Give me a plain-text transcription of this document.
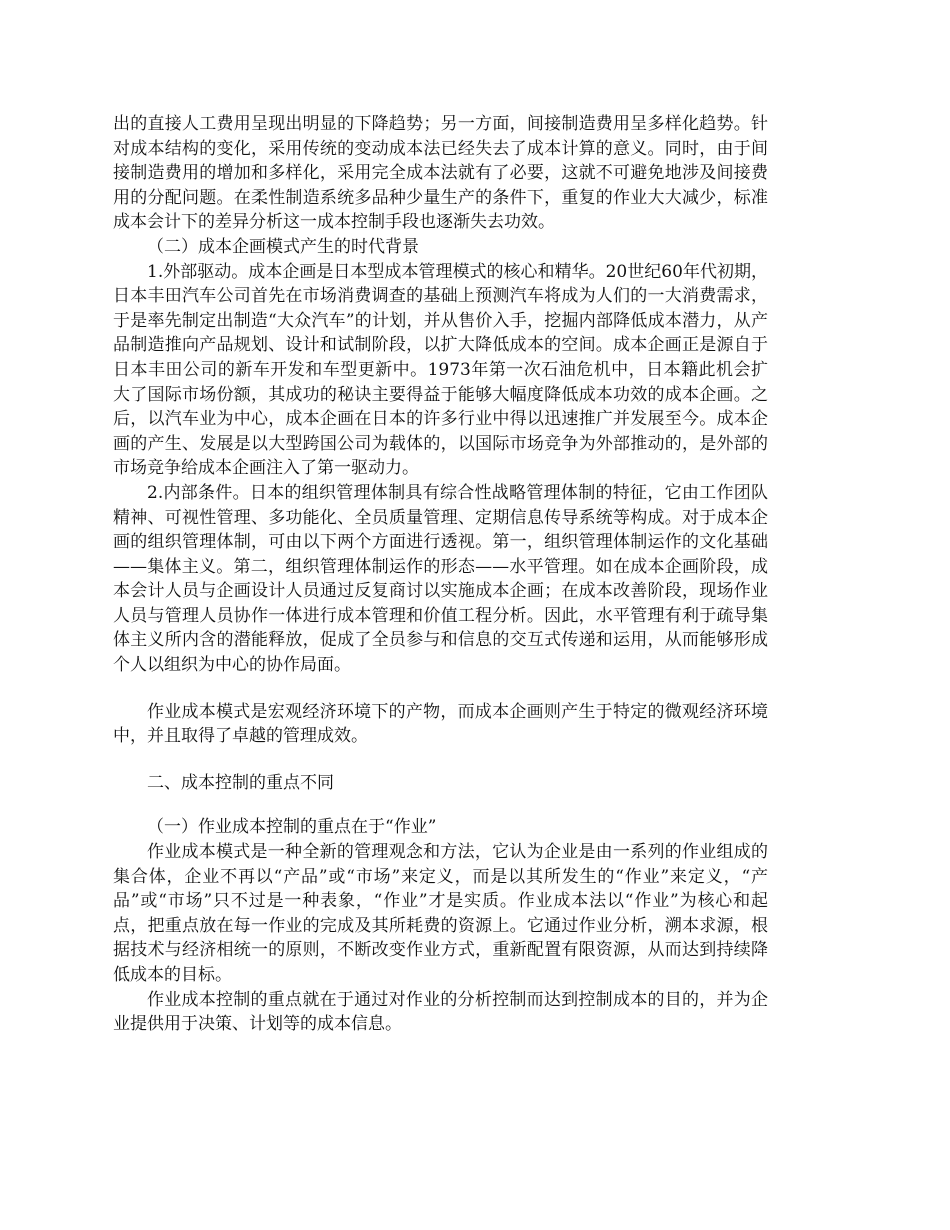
出的直接人工费用呈现出明显的下降趋势；另一方面，间接制造费用呈多样化趋势。针对成本结构的变化，采用传统的变动成本法已经失去了成本计算的意义。同时，由于间接制造费用的增加和多样化，采用完全成本法就有了必要，这就不可避免地涉及间接费用的分配问题。在柔性制造系统多品种少量生产的条件下，重复的作业大大减少，标准成本会计下的差异分析这一成本控制手段也逐渐失去功效。

（二）成本企画模式产生的时代背景

1.外部驱动。成本企画是日本型成本管理模式的核心和精华。20世纪60年代初期，日本丰田汽车公司首先在市场消费调查的基础上预测汽车将成为人们的一大消费需求，于是率先制定出制造“大众汽车”的计划，并从售价入手，挖掘内部降低成本潜力，从产品制造推向产品规划、设计和试制阶段，以扩大降低成本的空间。成本企画正是源自于日本丰田公司的新车开发和车型更新中。1973年第一次石油危机中，日本籍此机会扩大了国际市场份额，其成功的秘诀主要得益于能够大幅度降低成本功效的成本企画。之后，以汽车业为中心，成本企画在日本的许多行业中得以迅速推广并发展至今。成本企画的产生、发展是以大型跨国公司为载体的，以国际市场竞争为外部推动的，是外部的市场竞争给成本企画注入了第一驱动力。

2.内部条件。日本的组织管理体制具有综合性战略管理体制的特征，它由工作团队精神、可视性管理、多功能化、全员质量管理、定期信息传导系统等构成。对于成本企画的组织管理体制，可由以下两个方面进行透视。第一，组织管理体制运作的文化基础——集体主义。第二，组织管理体制运作的形态——水平管理。如在成本企画阶段，成本会计人员与企画设计人员通过反复商讨以实施成本企画；在成本改善阶段，现场作业人员与管理人员协作一体进行成本管理和价值工程分析。因此，水平管理有利于疏导集体主义所内含的潜能释放，促成了全员参与和信息的交互式传递和运用，从而能够形成个人以组织为中心的协作局面。

作业成本模式是宏观经济环境下的产物，而成本企画则产生于特定的微观经济环境中，并且取得了卓越的管理成效。

二、成本控制的重点不同

（一）作业成本控制的重点在于“作业”

作业成本模式是一种全新的管理观念和方法，它认为企业是由一系列的作业组成的集合体，企业不再以“产品”或“市场”来定义，而是以其所发生的“作业”来定义，“产品”或“市场”只不过是一种表象，“作业”才是实质。作业成本法以“作业”为核心和起点，把重点放在每一作业的完成及其所耗费的资源上。它通过作业分析，溯本求源，根据技术与经济相统一的原则，不断改变作业方式，重新配置有限资源，从而达到持续降低成本的目标。

作业成本控制的重点就在于通过对作业的分析控制而达到控制成本的目的，并为企业提供用于决策、计划等的成本信息。
